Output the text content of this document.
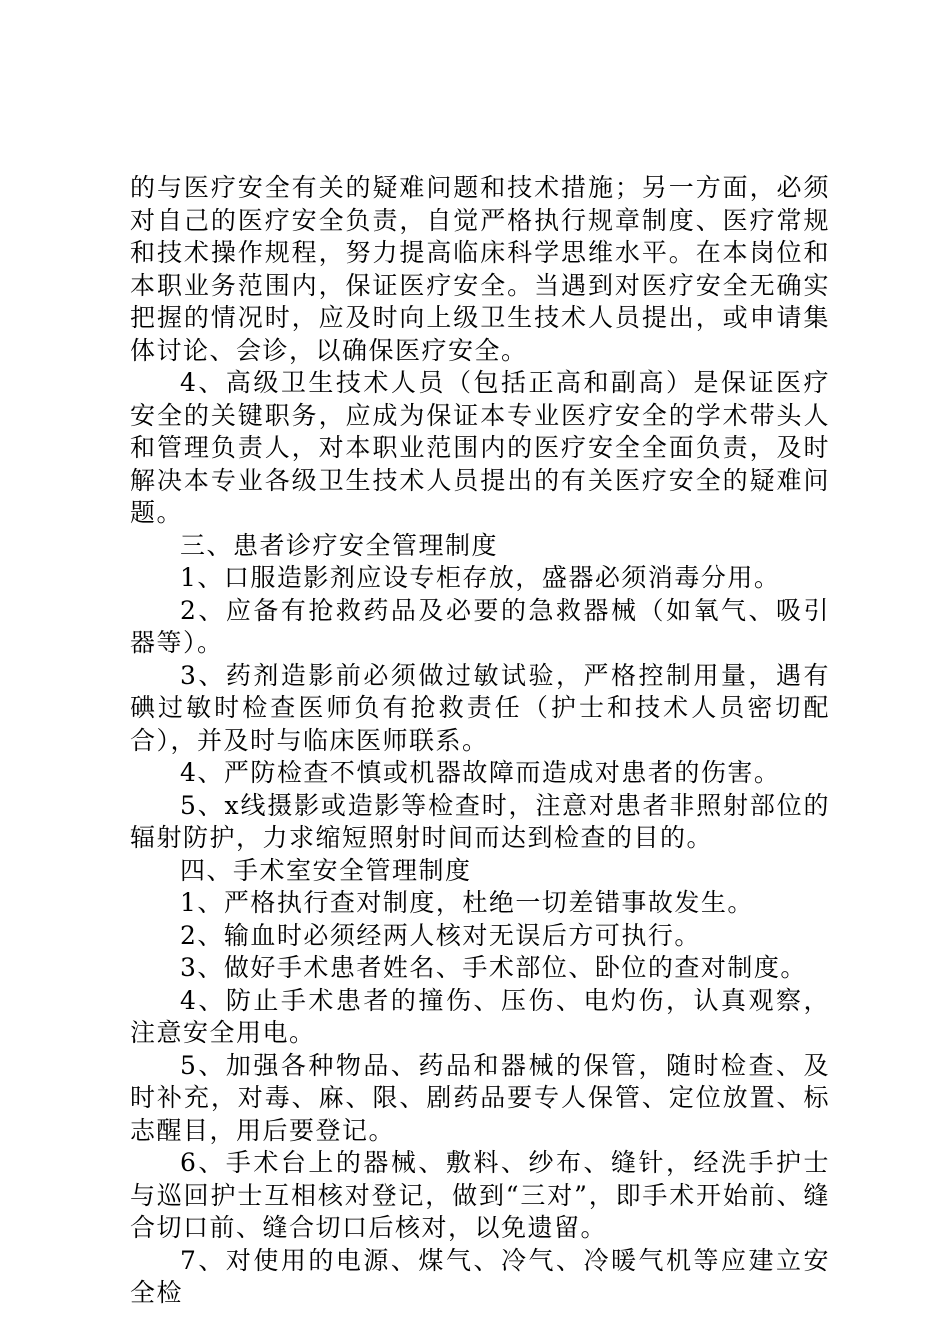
的与医疗安全有关的疑难问题和技术措施；另一方面，必须对自己的医疗安全负责，自觉严格执行规章制度、医疗常规和技术操作规程，努力提高临床科学思维水平。在本岗位和本职业务范围内，保证医疗安全。当遇到对医疗安全无确实把握的情况时，应及时向上级卫生技术人员提出，或申请集体讨论、会诊，以确保医疗安全。

4、高级卫生技术人员（包括正高和副高）是保证医疗安全的关键职务，应成为保证本专业医疗安全的学术带头人和管理负责人，对本职业范围内的医疗安全全面负责，及时解决本专业各级卫生技术人员提出的有关医疗安全的疑难问题。

三、患者诊疗安全管理制度

1、口服造影剂应设专柜存放，盛器必须消毒分用。

2、应备有抢救药品及必要的急救器械（如氧气、吸引器等）。

3、药剂造影前必须做过敏试验，严格控制用量，遇有碘过敏时检查医师负有抢救责任（护士和技术人员密切配合），并及时与临床医师联系。

4、严防检查不慎或机器故障而造成对患者的伤害。

5、x线摄影或造影等检查时，注意对患者非照射部位的辐射防护，力求缩短照射时间而达到检查的目的。

四、手术室安全管理制度

1、严格执行查对制度，杜绝一切差错事故发生。

2、输血时必须经两人核对无误后方可执行。

3、做好手术患者姓名、手术部位、卧位的查对制度。

4、防止手术患者的撞伤、压伤、电灼伤，认真观察，注意安全用电。

5、加强各种物品、药品和器械的保管，随时检查、及时补充，对毒、麻、限、剧药品要专人保管、定位放置、标志醒目，用后要登记。

6、手术台上的器械、敷料、纱布、缝针，经洗手护士与巡回护士互相核对登记，做到“三对”，即手术开始前、缝合切口前、缝合切口后核对，以免遗留。

7、对使用的电源、煤气、冷气、冷暖气机等应建立安全检
